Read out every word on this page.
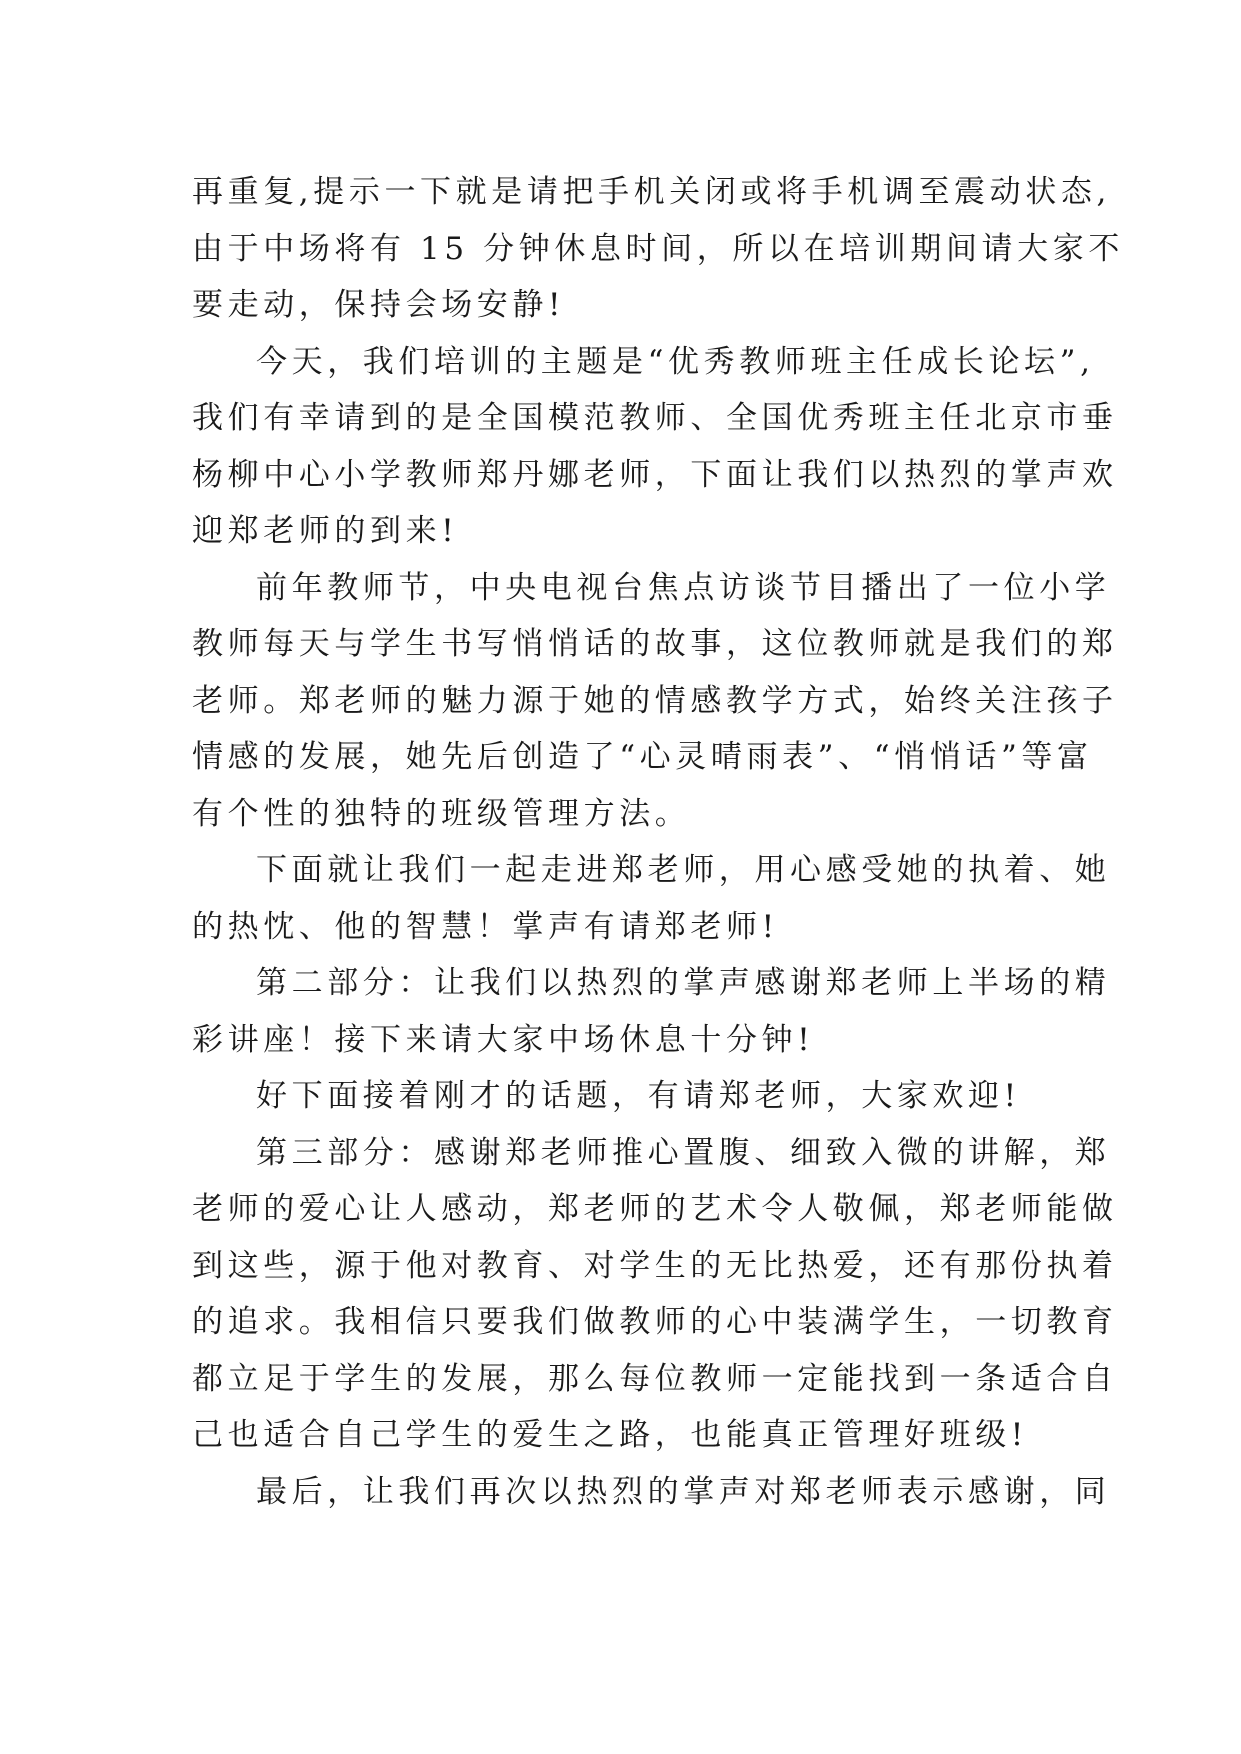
再重复,提示一下就是请把手机关闭或将手机调至震动状态,
由于中场将有 15 分钟休息时间，所以在培训期间请大家不
要走动，保持会场安静!
今天，我们培训的主题是“优秀教师班主任成长论坛”,
我们有幸请到的是全国模范教师、全国优秀班主任北京市垂
杨柳中心小学教师郑丹娜老师，下面让我们以热烈的掌声欢
迎郑老师的到来!
前年教师节，中央电视台焦点访谈节目播出了一位小学
教师每天与学生书写悄悄话的故事，这位教师就是我们的郑
老师。郑老师的魅力源于她的情感教学方式，始终关注孩子
情感的发展，她先后创造了“心灵晴雨表”、“悄悄话”等富
有个性的独特的班级管理方法。
下面就让我们一起走进郑老师，用心感受她的执着、她
的热忱、他的智慧！掌声有请郑老师!
第二部分：让我们以热烈的掌声感谢郑老师上半场的精
彩讲座！接下来请大家中场休息十分钟!
好下面接着刚才的话题，有请郑老师，大家欢迎!
第三部分：感谢郑老师推心置腹、细致入微的讲解，郑
老师的爱心让人感动，郑老师的艺术令人敬佩，郑老师能做
到这些，源于他对教育、对学生的无比热爱，还有那份执着
的追求。我相信只要我们做教师的心中装满学生，一切教育
都立足于学生的发展，那么每位教师一定能找到一条适合自
己也适合自己学生的爱生之路，也能真正管理好班级!
最后，让我们再次以热烈的掌声对郑老师表示感谢，同
